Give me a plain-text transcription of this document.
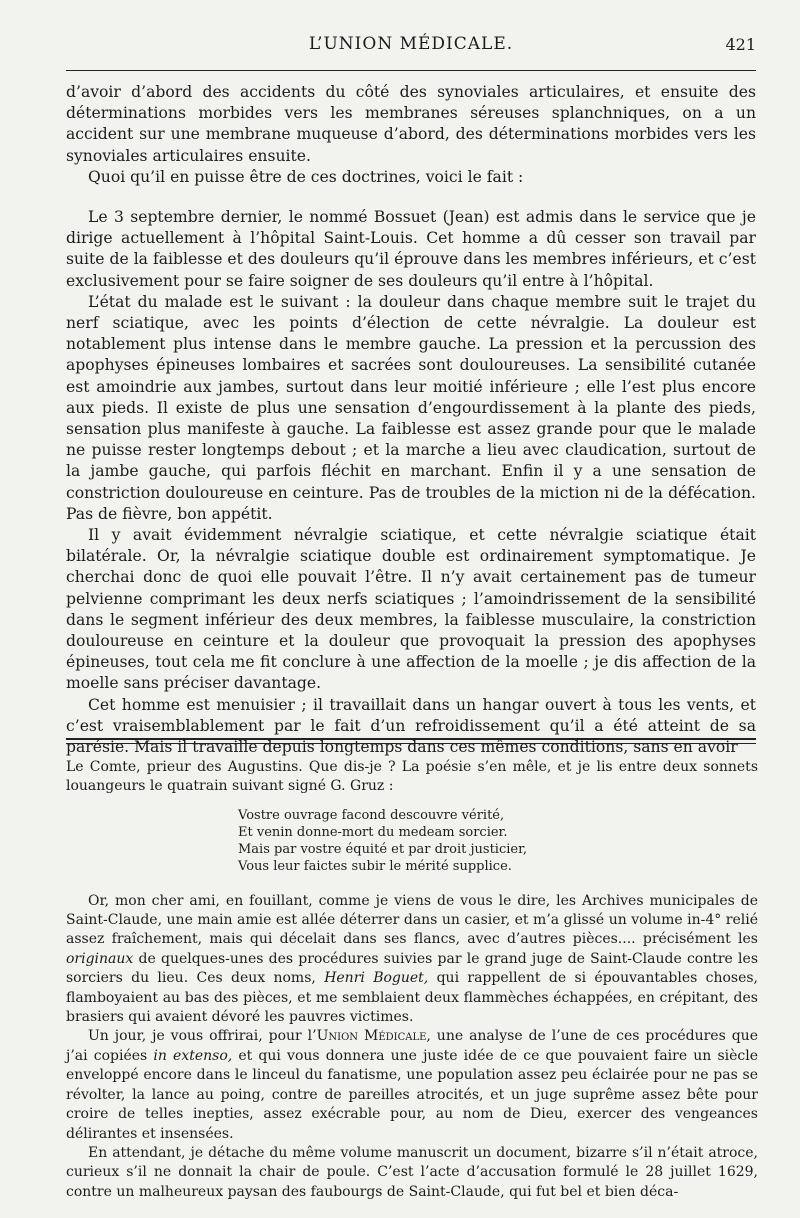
L’UNION MÉDICALE.	421

d’avoir d’abord des accidents du côté des synoviales articulaires, et ensuite des déterminations morbides vers les membranes séreuses splanchniques, on a un accident sur une membrane muqueuse d’abord, des déterminations morbides vers les synoviales articulaires ensuite.

Quoi qu’il en puisse être de ces doctrines, voici le fait :

Le 3 septembre dernier, le nommé Bossuet (Jean) est admis dans le service que je dirige actuellement à l’hôpital Saint-Louis. Cet homme a dû cesser son travail par suite de la faiblesse et des douleurs qu’il éprouve dans les membres inférieurs, et c’est exclusivement pour se faire soigner de ses douleurs qu’il entre à l’hôpital.

L’état du malade est le suivant : la douleur dans chaque membre suit le trajet du nerf sciatique, avec les points d’élection de cette névralgie. La douleur est notablement plus intense dans le membre gauche. La pression et la percussion des apophyses épineuses lombaires et sacrées sont douloureuses. La sensibilité cutanée est amoindrie aux jambes, surtout dans leur moitié inférieure ; elle l’est plus encore aux pieds. Il existe de plus une sensation d’engourdissement à la plante des pieds, sensation plus manifeste à gauche. La faiblesse est assez grande pour que le malade ne puisse rester longtemps debout ; et la marche a lieu avec claudication, surtout de la jambe gauche, qui parfois fléchit en marchant. Enfin il y a une sensation de constriction douloureuse en ceinture. Pas de troubles de la miction ni de la défécation. Pas de fièvre, bon appétit.

Il y avait évidemment névralgie sciatique, et cette névralgie sciatique était bilatérale. Or, la névralgie sciatique double est ordinairement symptomatique. Je cherchai donc de quoi elle pouvait l’être. Il n’y avait certainement pas de tumeur pelvienne comprimant les deux nerfs sciatiques ; l’amoindrissement de la sensibilité dans le segment inférieur des deux membres, la faiblesse musculaire, la constriction douloureuse en ceinture et la douleur que provoquait la pression des apophyses épineuses, tout cela me fit conclure à une affection de la moelle ; je dis affection de la moelle sans préciser davantage.

Cet homme est menuisier ; il travaillait dans un hangar ouvert à tous les vents, et c’est vraisemblablement par le fait d’un refroidissement qu’il a été atteint de sa parésie. Mais il travaille depuis longtemps dans ces mêmes conditions, sans en avoir

Le Comte, prieur des Augustins. Que dis-je ? La poésie s’en mêle, et je lis entre deux sonnets louangeurs le quatrain suivant signé G. Gruz :

Vostre ouvrage facond descouvre vérité,
Et venin donne-mort du medeam sorcier.
Mais par vostre équité et par droit justicier,
Vous leur faictes subir le mérité supplice.

Or, mon cher ami, en fouillant, comme je viens de vous le dire, les Archives municipales de Saint-Claude, une main amie est allée déterrer dans un casier, et m’a glissé un volume in-4° relié assez fraîchement, mais qui décelait dans ses flancs, avec d’autres pièces.... précisément les originaux de quelques-unes des procédures suivies par le grand juge de Saint-Claude contre les sorciers du lieu. Ces deux noms, Henri Boguet, qui rappellent de si épouvantables choses, flamboyaient au bas des pièces, et me semblaient deux flammèches échappées, en crépitant, des brasiers qui avaient dévoré les pauvres victimes.

Un jour, je vous offrirai, pour l’Union Médicale, une analyse de l’une de ces procédures que j’ai copiées in extenso, et qui vous donnera une juste idée de ce que pouvaient faire un siècle enveloppé encore dans le linceul du fanatisme, une population assez peu éclairée pour ne pas se révolter, la lance au poing, contre de pareilles atrocités, et un juge suprême assez bête pour croire de telles inepties, assez exécrable pour, au nom de Dieu, exercer des vengeances délirantes et insensées.

En attendant, je détache du même volume manuscrit un document, bizarre s’il n’était atroce, curieux s’il ne donnait la chair de poule. C’est l’acte d’accusation formulé le 28 juillet 1629, contre un malheureux paysan des faubourgs de Saint-Claude, qui fut bel et bien déca-
